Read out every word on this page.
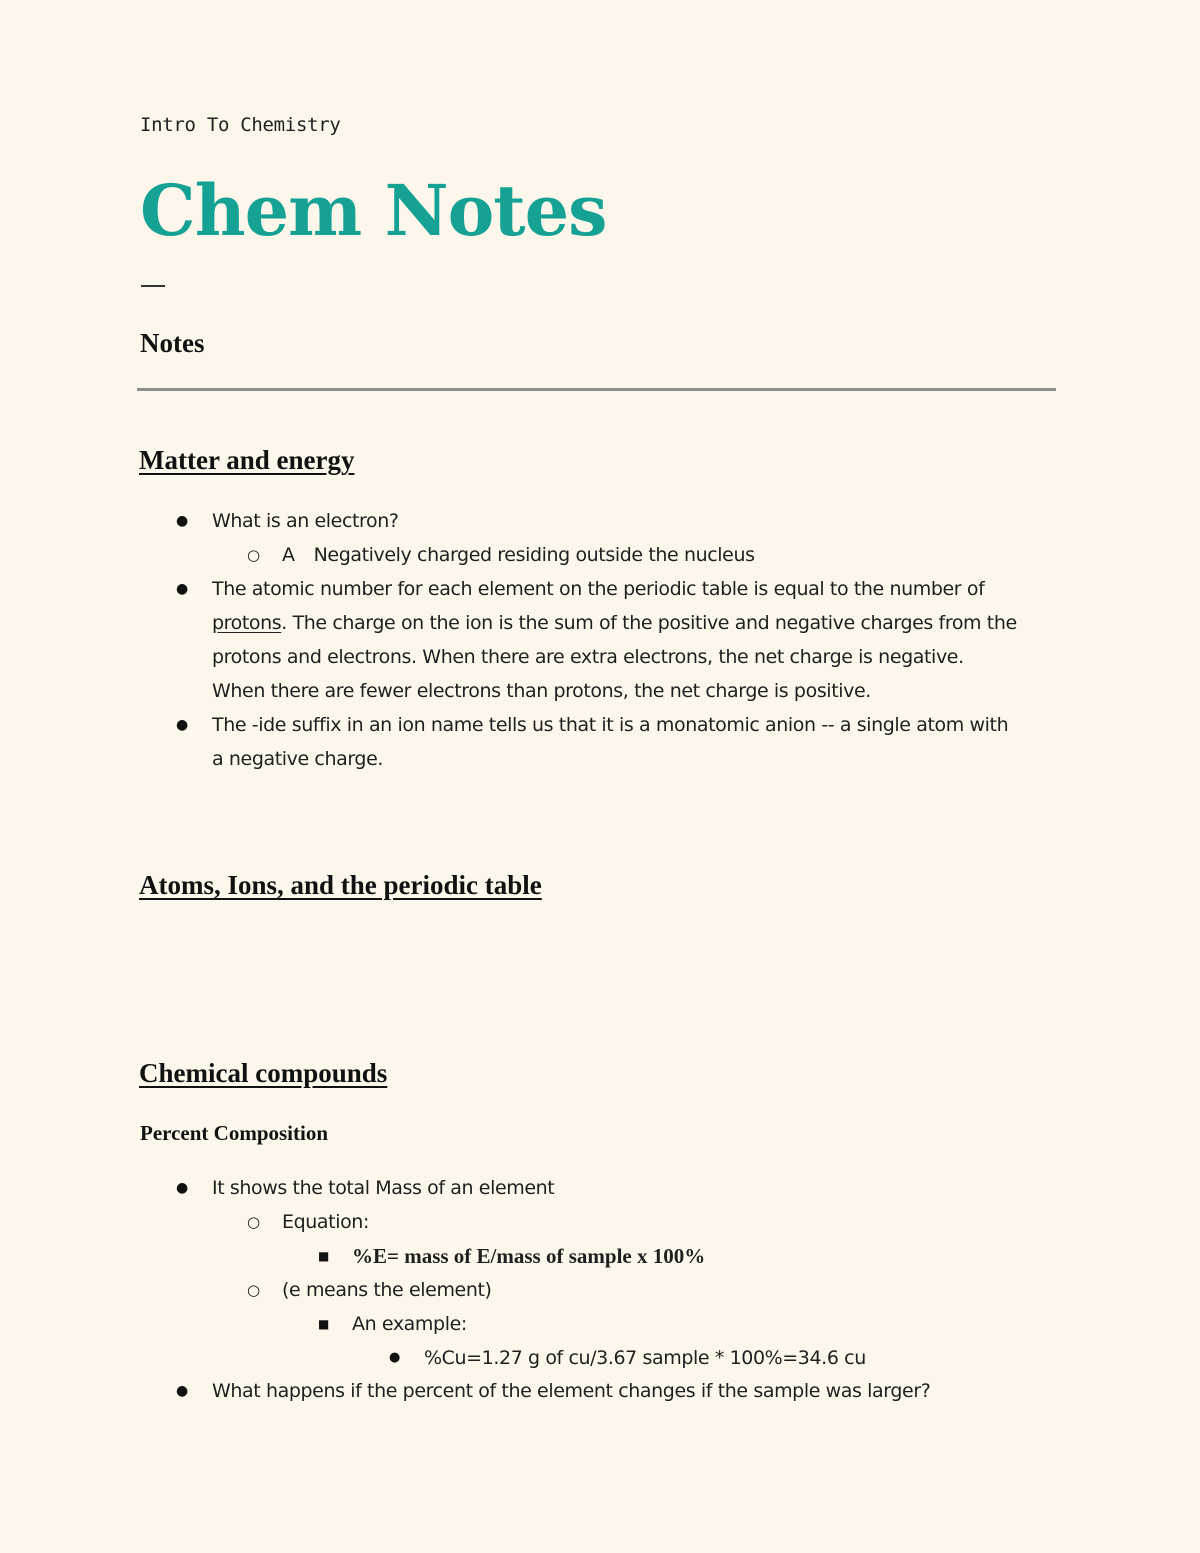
Intro To Chemistry
Chem Notes
Notes
Matter and energy
● What is an electron?
○ A Negatively charged residing outside the nucleus
● The atomic number for each element on the periodic table is equal to the number of
protons. The charge on the ion is the sum of the positive and negative charges from the
protons and electrons. When there are extra electrons, the net charge is negative.
When there are fewer electrons than protons, the net charge is positive.
● The -ide suffix in an ion name tells us that it is a monatomic anion -- a single atom with
a negative charge.
Atoms, Ions, and the periodic table
Chemical compounds
Percent Composition
● It shows the total Mass of an element
○ Equation:
■ %E= mass of E/mass of sample x 100%
○ (e means the element)
■ An example:
● %Cu=1.27 g of cu/3.67 sample * 100%=34.6 cu
● What happens if the percent of the element changes if the sample was larger?
